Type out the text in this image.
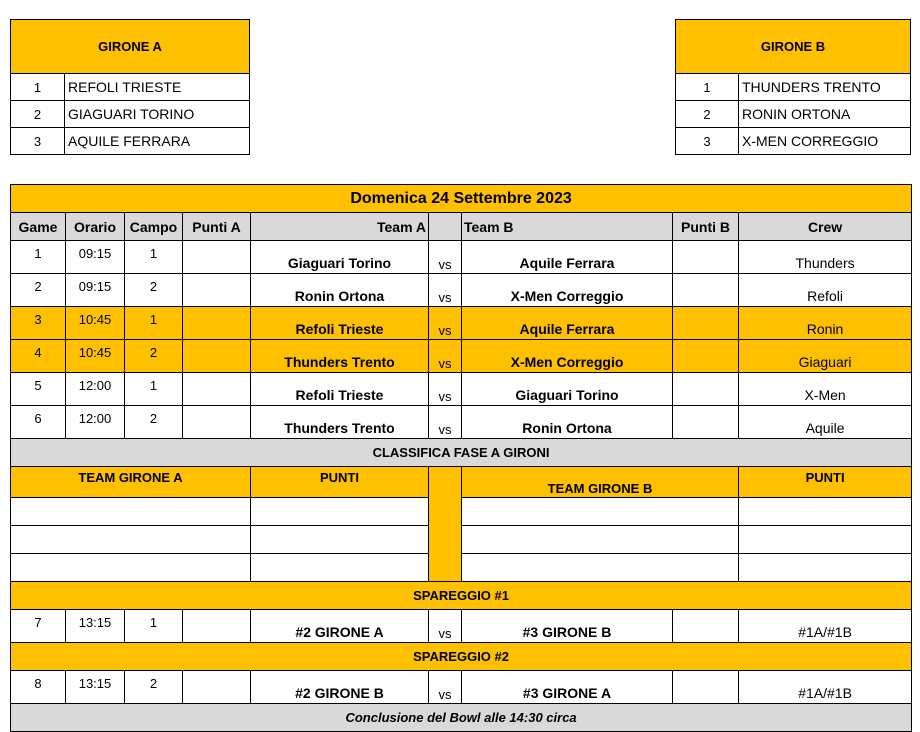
GIRONE A	
1	REFOLI TRIESTE
2	GIAGUARI TORINO
3	AQUILE FERRARA
GIRONE B	
1	THUNDERS TRENTO
2	RONIN ORTONA
3	X-MEN CORREGGIO
Domenica 24 Settembre 2023								
Game	Orario	Campo	Punti A	Team A		Team B	Punti B	Crew
1	09:15	1		Giaguari Torino	vs	Aquile Ferrara		Thunders
2	09:15	2		Ronin Ortona	vs	X-Men Correggio		Refoli
3	10:45	1		Refoli Trieste	vs	Aquile Ferrara		Ronin
4	10:45	2		Thunders Trento	vs	X-Men Correggio		Giaguari
5	12:00	1		Refoli Trieste	vs	Giaguari Torino		X-Men
6	12:00	2		Thunders Trento	vs	Ronin Ortona		Aquile
CLASSIFICA FASE A GIRONI								
TEAM GIRONE A				PUNTI		TEAM GIRONE B		PUNTI

SPAREGGIO #1								
7	13:15	1		#2 GIRONE A	vs	#3 GIRONE B		#1A/#1B
SPAREGGIO #2								
8	13:15	2		#2 GIRONE B	vs	#3 GIRONE A		#1A/#1B
Conclusione del Bowl alle 14:30 circa								
